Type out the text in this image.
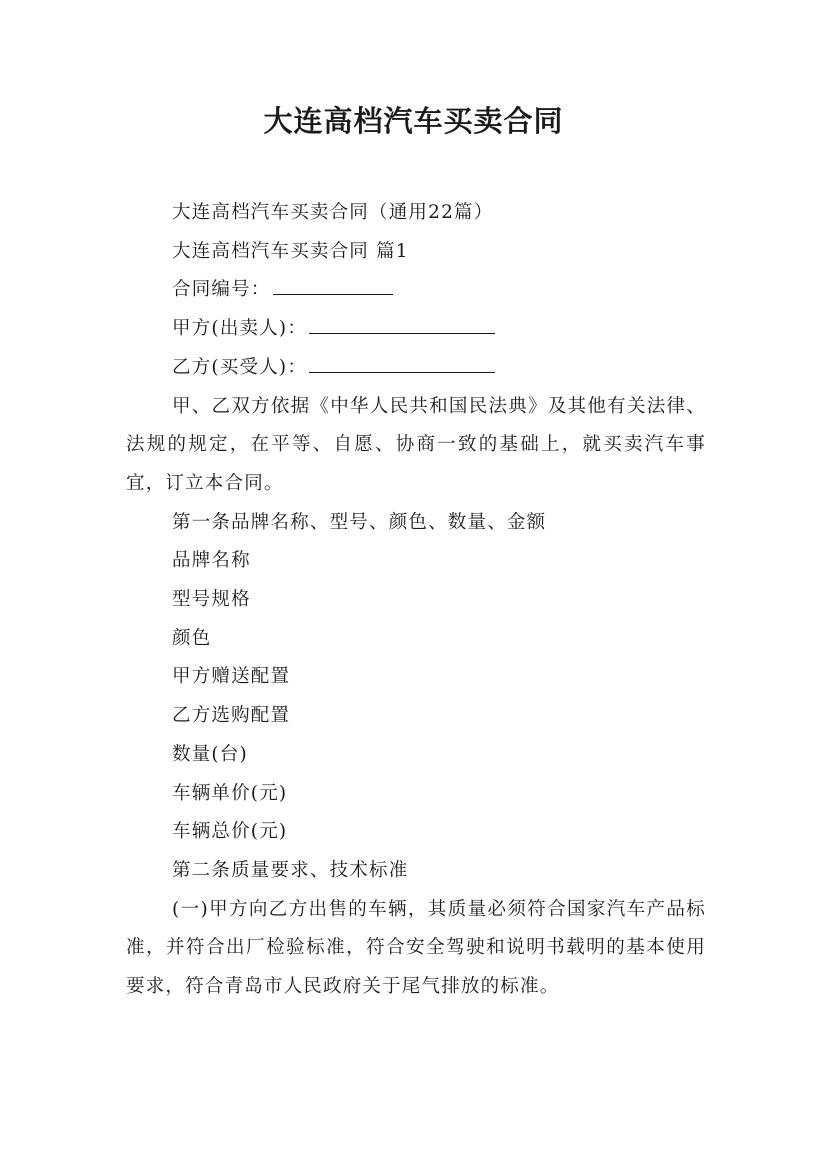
大连高档汽车买卖合同
大连高档汽车买卖合同（通用22篇）
大连高档汽车买卖合同 篇1
合同编号：
甲方(出卖人)：
乙方(买受人)：
甲、乙双方依据《中华人民共和国民法典》及其他有关法律、法规的规定，在平等、自愿、协商一致的基础上，就买卖汽车事宜，订立本合同。
第一条品牌名称、型号、颜色、数量、金额
品牌名称
型号规格
颜色
甲方赠送配置
乙方选购配置
数量(台)
车辆单价(元)
车辆总价(元)
第二条质量要求、技术标准
(一)甲方向乙方出售的车辆，其质量必须符合国家汽车产品标准，并符合出厂检验标准，符合安全驾驶和说明书载明的基本使用要求，符合青岛市人民政府关于尾气排放的标准。
